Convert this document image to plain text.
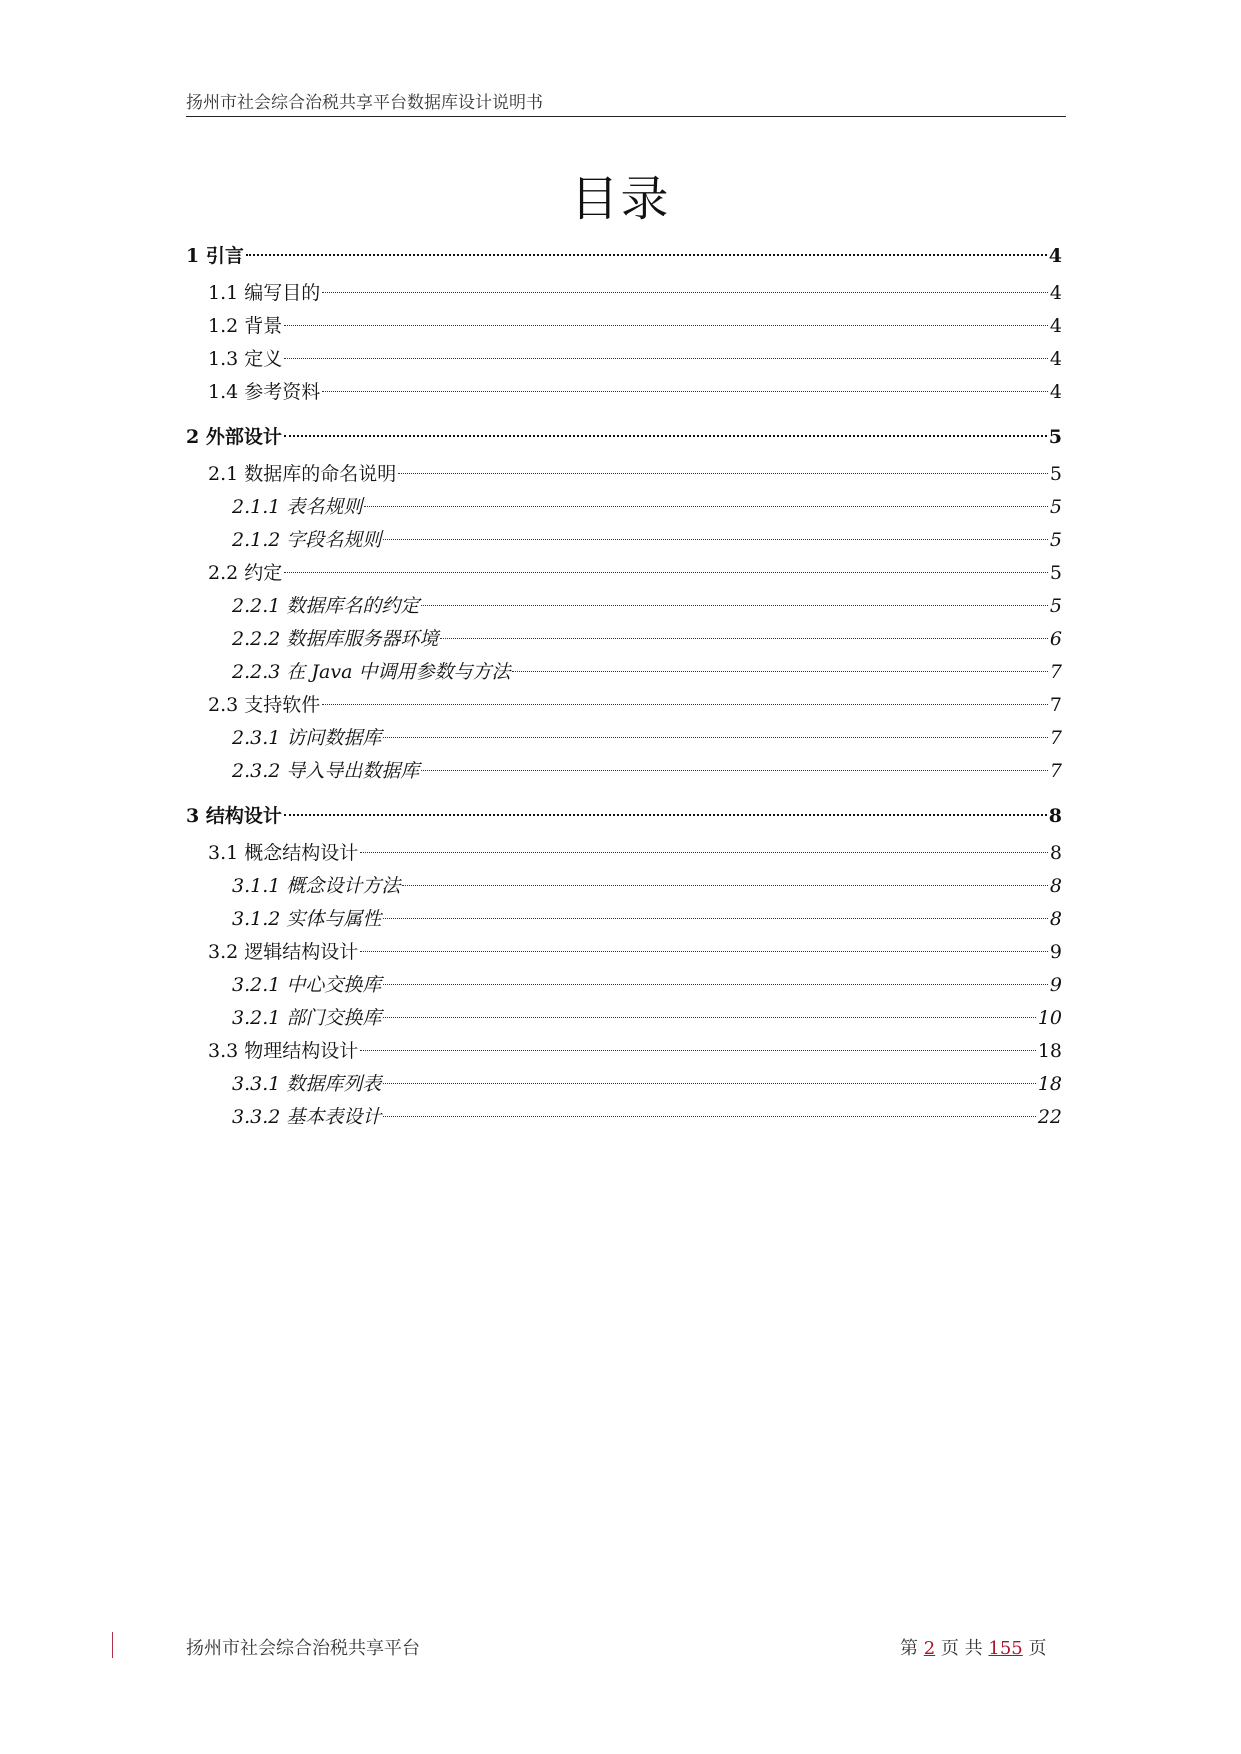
扬州市社会综合治税共享平台数据库设计说明书
目录
1 引言	4
1.1 编写目的	4
1.2 背景	4
1.3 定义	4
1.4 参考资料	4
2 外部设计	5
2.1 数据库的命名说明	5
2.1.1 表名规则	5
2.1.2 字段名规则	5
2.2 约定	5
2.2.1 数据库名的约定	5
2.2.2 数据库服务器环境	6
2.2.3 在 Java 中调用参数与方法	7
2.3 支持软件	7
2.3.1 访问数据库	7
2.3.2 导入导出数据库	7
3 结构设计	8
3.1 概念结构设计	8
3.1.1 概念设计方法	8
3.1.2 实体与属性	8
3.2 逻辑结构设计	9
3.2.1 中心交换库	9
3.2.1 部门交换库	10
3.3 物理结构设计	18
3.3.1 数据库列表	18
3.3.2 基本表设计	22
扬州市社会综合治税共享平台	第 2 页 共 155 页
